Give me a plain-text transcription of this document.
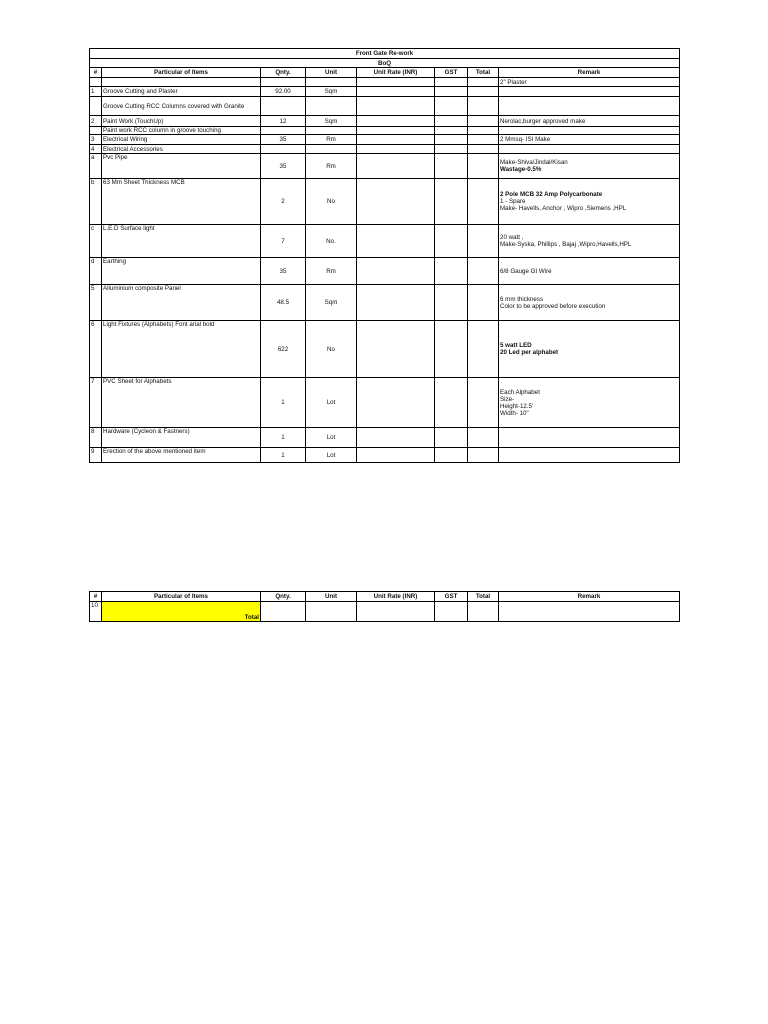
Front Gate Re-work							
BoQ							
#	Particular of Items	Qnty.	Unit	Unit Rate (INR)	GST	Total	Remark
							2" Plaster
1	Groove Cutting and Plaster	92.00	Sqm				
	Groove Cutting RCC Columns covered with Granite						
2	Paint Work (TouchUp)	12	Sqm				Nerolac,burger approved make
	Paint work RCC column in groove touching						
3	Electrical Wiring	35	Rm				2 Mmsq- ISI Make
4	Electrical Accessories						
a	Pvc Pipe	35	Rm				Make-Shiva/Jindal/Kisan
Wastage-0.5%

b	63 Mm Sheet Thickness MCB	2	No				2 Pole MCB 32 Amp Polycarbonate
1 - Spare
Make- Havells, Anchor , Wipro ,Siemens ,HPL

c	L.E.D Surface light	7	No.				20 watt ,
Make-Syska, Phillips , Bajaj ,Wipro,Havells,HPL

d	Earthing	35	Rm				6/8 Gauge GI Wire
5	Alluminium composite Panel	48.5	Sqm				6 mm thickness
Color to be approved before execution

6	Light Fixtures (Alphabets) Font arial bold	622	No				5 watt LED
20 Led per alphabet

7	PVC Sheet for Alphabets	1	Lot				Each Alphabet
Size-
Height-12.5'
Width- 10"

8	Hardware (Cycleon & Fastners)	1	Lot				
9	Erection of the above mentioned item	1	Lot				
#	Particular of Items	Qnty.	Unit	Unit Rate (INR)	GST	Total	Remark
10	Total						
